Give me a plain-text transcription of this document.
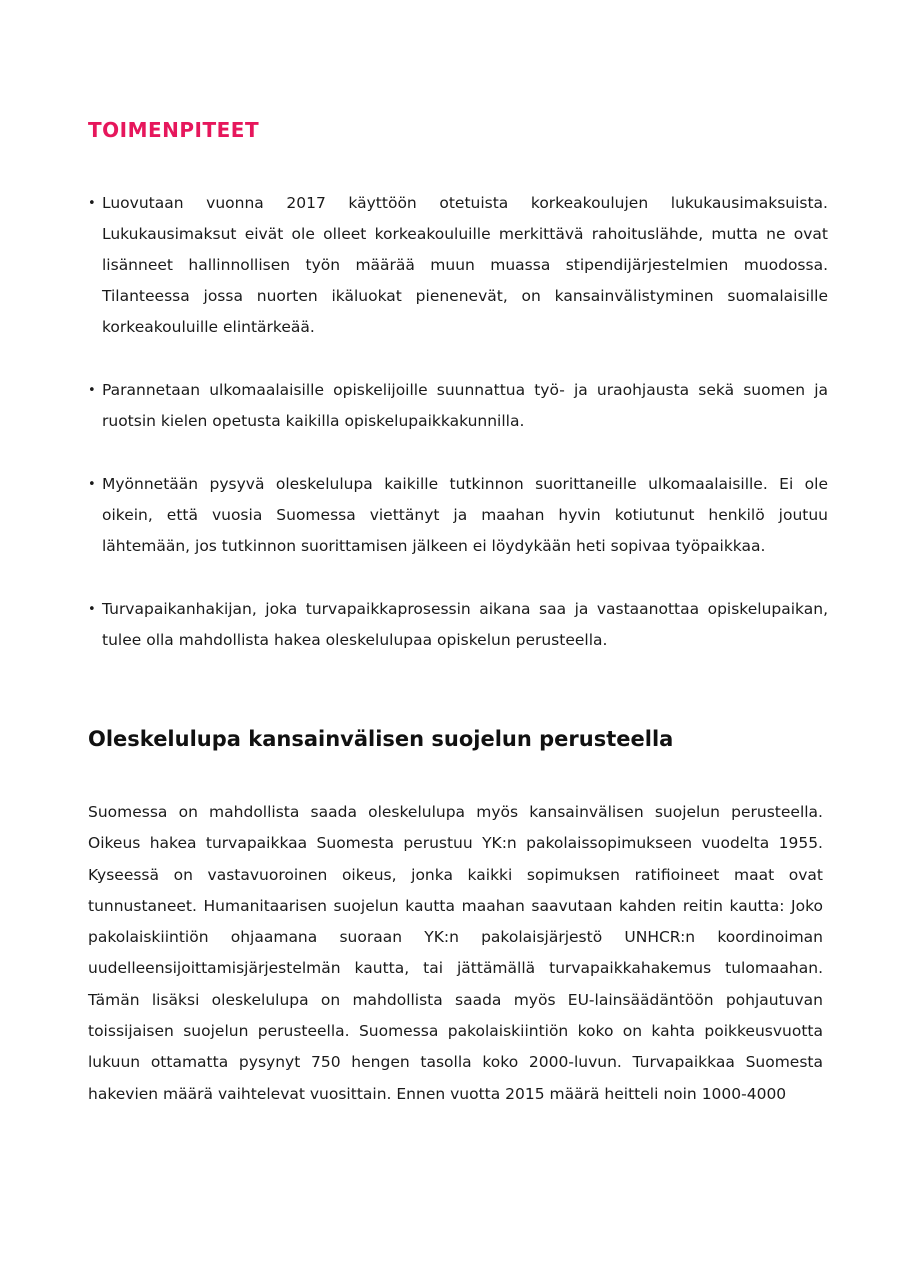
TOIMENPITEET
• Luovutaan vuonna 2017 käyttöön otetuista korkeakoulujen lukukausimaksuista. Lukukausimaksut eivät ole olleet korkeakouluille merkittävä rahoituslähde, mutta ne ovat lisänneet hallinnollisen työn määrää muun muassa stipendijärjestelmien muodossa. Tilanteessa jossa nuorten ikäluokat pienenevät, on kansainvälistyminen suomalaisille korkeakouluille elintärkeää.
• Parannetaan ulkomaalaisille opiskelijoille suunnattua työ- ja uraohjausta sekä suomen ja ruotsin kielen opetusta kaikilla opiskelupaikkakunnilla.
• Myönnetään pysyvä oleskelulupa kaikille tutkinnon suorittaneille ulkomaalaisille. Ei ole oikein, että vuosia Suomessa viettänyt ja maahan hyvin kotiutunut henkilö joutuu lähtemään, jos tutkinnon suorittamisen jälkeen ei löydykään heti sopivaa työpaikkaa.
• Turvapaikanhakijan, joka turvapaikkaprosessin aikana saa ja vastaanottaa opiskelupaikan, tulee olla mahdollista hakea oleskelulupaa opiskelun perusteella.
Oleskelulupa kansainvälisen suojelun perusteella

Suomessa on mahdollista saada oleskelulupa myös kansainvälisen suojelun perusteella. Oikeus hakea turvapaikkaa Suomesta perustuu YK:n pakolaissopimukseen vuodelta 1955. Kyseessä on vastavuoroinen oikeus, jonka kaikki sopimuksen ratifioineet maat ovat tunnustaneet. Humanitaarisen suojelun kautta maahan saavutaan kahden reitin kautta: Joko pakolaiskiintiön ohjaamana suoraan YK:n pakolaisjärjestö UNHCR:n koordinoiman uudelleensijoittamisjärjestelmän kautta, tai jättämällä turvapaikkahakemus tulomaahan. Tämän lisäksi oleskelulupa on mahdollista saada myös EU-lainsäädäntöön pohjautuvan toissijaisen suojelun perusteella. Suomessa pakolaiskiintiön koko on kahta poikkeusvuotta lukuun ottamatta pysynyt 750 hengen tasolla koko 2000-luvun. Turvapaikkaa Suomesta hakevien määrä vaihtelevat vuosittain. Ennen vuotta 2015 määrä heitteli noin 1000-4000
